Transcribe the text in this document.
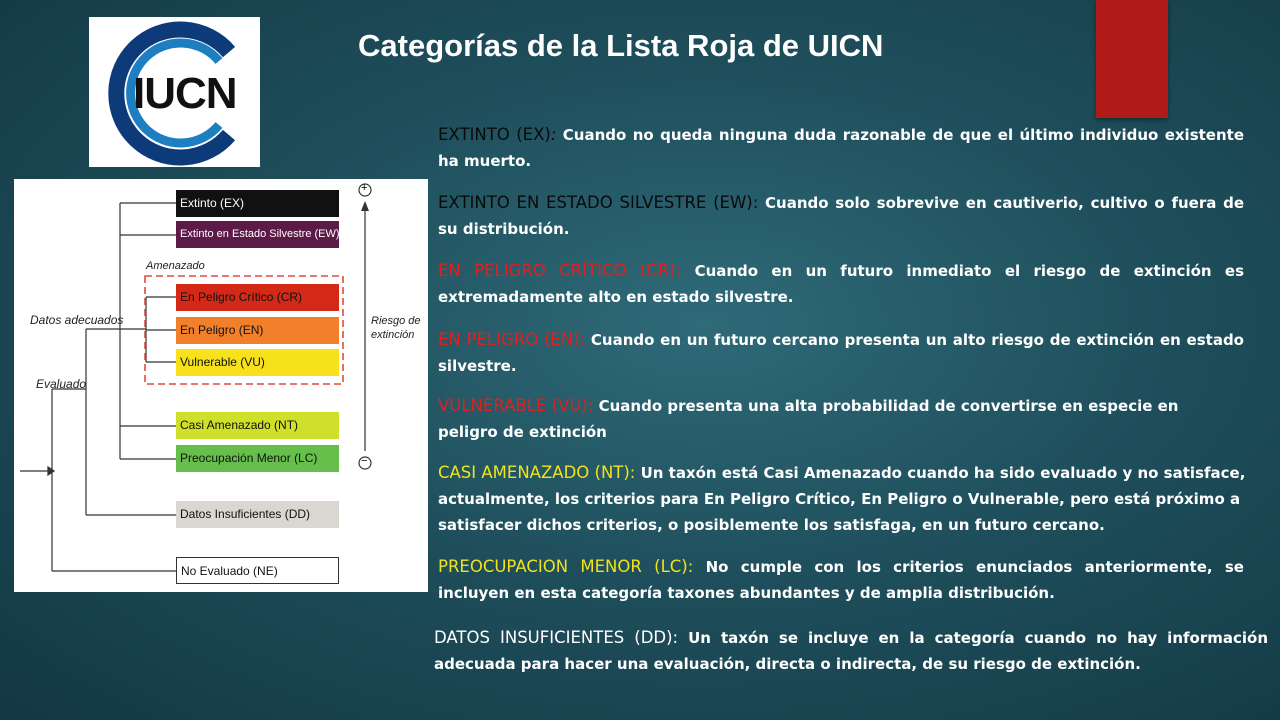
IUCN
Categorías de la Lista Roja de UICN
+
−
Amenazado
Datos adecuados
Evaluado
Riesgo de
extinción
Extinto (EX)
Extinto en Estado Silvestre (EW)
En Peligro Crítico (CR)
En Peligro (EN)
Vulnerable (VU)
Casi Amenazado (NT)
Preocupación Menor (LC)
Datos Insuficientes (DD)
No Evaluado (NE)

EXTINTO (EX): Cuando no queda ninguna duda razonable de que el último individuo existente ha muerto.

EXTINTO EN ESTADO SILVESTRE (EW): Cuando solo sobrevive en cautiverio, cultivo o fuera de su distribución.

EN PELIGRO CRÍTICO (CR): Cuando en un futuro inmediato el riesgo de extinción es extremadamente alto en estado silvestre.

EN PELIGRO (EN): Cuando en un futuro cercano presenta un alto riesgo de extinción en estado silvestre.

VULNERABLE (VU): Cuando presenta una alta probabilidad de convertirse en especie en peligro de extinción

CASI AMENAZADO (NT): Un taxón está Casi Amenazado cuando ha sido evaluado y no satisface, actualmente, los criterios para En Peligro Crítico, En Peligro o Vulnerable, pero está próximo a satisfacer dichos criterios, o posiblemente los satisfaga, en un futuro cercano.

PREOCUPACION MENOR (LC): No cumple con los criterios enunciados anteriormente, se incluyen en esta categoría taxones abundantes y de amplia distribución.

DATOS INSUFICIENTES (DD): Un taxón se incluye en la categoría cuando no hay información adecuada para hacer una evaluación, directa o indirecta, de su riesgo de extinción.
